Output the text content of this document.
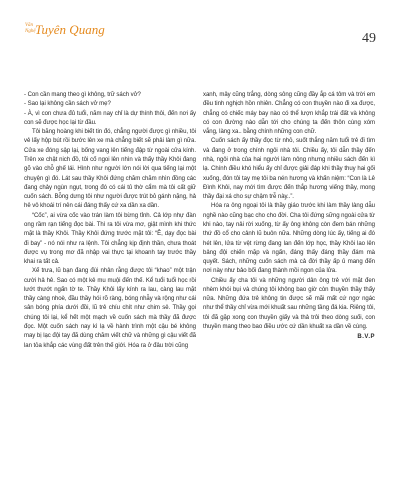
Văn
Nghệ Tuyên Quang
49

- Con cần mang theo gì không, trữ sách vở?

- Sao lại không cần sách vở mẹ?

- À, vì con chưa đủ tuổi, năm nay chỉ là dự thính thôi, đến nơi ấy con sẽ được học lại từ đầu.

Tôi băng hoàng khi biết tin đó, chẳng người được gì nhiều, tôi vẻ lấy hộp bút rồi bước lên xe mà chẳng biết sẽ phải làm gì nữa. Cửa xe đóng sập lại, bống vang lên tiếng đập từ ngoài cửa kính. Trên xe chật nich đồ, tôi cố ngoi lên nhìn và thấy thầy Khôi đang gõ vào chỗ ghế lái. Hình như người lớn nói lời qua tiếng lại một chuyện gì đó. Lát sau thầy Khôi đứng chăm chăm nhìn đồng các đang chảy ngùn ngụt, trong đó có cái tủ thờ cẩm mà tôi cất giữ cuốn sách. Bỗng dưng tôi như người được trút bỏ gánh nặng, hả hê vô khoái trí nên cái đáng thấy cứ xa dần xa dần.

“Cốc”, ai vừa cốc vào trán làm tôi bừng tỉnh. Cả lớp nhự đàn ong rầm rạn tiếng đọc bài. Thì ra tôi vừa mơ, giật mình khi thức mặt là thầy Khôi. Thầy Khôi đứng trước mặt tôi: “Ê, dạy đọc bài đi bay” - nó nói như ra lệnh. Tôi chẳng kịp định thần, chưa thoát được vụ trong mơ đã nhập vai thực tại khoanh tay trước thầy khai ra tất cả.

Xế trưa, lũ bạn đang đùi nhân rằng được tôi “khao” một trận cười hả hê. Sao có một kẻ mu muội đến thế. Kể tuổi tuổi học rồi lướt thướt ngấn tờ te. Thầy Khôi lấy kính ra lau, càng lau mặt thầy càng nhoè, đầu thầy hói rõ ràng, bóng nhẫy và rộng như cái sân bóng phía dưới đồi, lũ trẻ chíu chít như chim sẻ. Thầy gọi chúng tôi lại, kể hết một mạch về cuốn sách mà thầy đã được đọc. Một cuốn sách nay kì lạ về hành trình một cậu bé không may bị lạc đội tay đã dùng chăm viết chữ và những gì cậu viết đã lan tỏa khắp các vùng đất trên thế giới. Hóa ra ở đâu trời cũng

xanh, mây cũng trắng, dòng sông cũng đầy ắp cá tôm và trời em đều tinh nghịch hồn nhiên. Chẳng có con thuyền nào đi xa được, chẳng có chiếc máy bay nào có thể lượn khắp trái đất và không có con đường nào dẫn tới cho chúng ta đến thôn cùng xóm vắng, làng xa.. bằng chính những con chữ.

Cuốn sách ấy thầy đọc từ nhỏ, suốt thắng năm tuổi trẻ đi tìm và đang ở trong chính ngôi nhà tôi. Chiều ấy, tôi dẫn thầy đến nhà, ngôi nhà của hai người làm nông nhưng nhiều sách đến kì lạ. Chính điều khó hiểu ấy chỉ được giải đáp khi thầy thuy hai gối xuống, đón tôi tay mẹ tôi ba nén hương và khấn niệm: “Con là Lê Đình Khôi, nay mới tìm được đến thắp hương viếng thầy, mong thầy đại xá cho sự chậm trễ này..”.

Hóa ra ông ngoại tôi là thầy giáo trước khi làm thầy làng dẫu nghề nào cũng bạc cho cho đời. Cha tôi đứng sững ngoài cửa từ khi nào, tay nải rời xuống, từ ấy ông không còn đem bán những thứ đồ cổ cho cảnh lũ buôn nữa. Những dòng lúc ấy, tiếng ai đó hét lên, lửa từ vệt rừng đang lan đến lớp học, thầy Khôi lao lên bảng đội chiến mặp và ngấn, đáng thấy đáng thầy đám mà quyết. Sách, những cuốn sách mà cả đời thầy ấp ủ mang đến nơi này như bảo bối đang thành mồi ngon của lửa.

Chiều ấy cha tôi và những người dân ông trẻ với mặt đen nhèm khói bụi và chúng tôi không bao giờ còn thuyền thầy thấy nữa. Những đứa trẻ không tin được sẽ mãi mất cứ ngơ ngác như thể thầy chỉ vừa mới khuất sau những tầng đá kia. Riêng tôi, tôi đã gặp xong con thuyền giấy và thả trôi theo dòng suối, con thuyền mang theo bao điều ước cứ dần khuất xa dần về cùng.

B.V.P
